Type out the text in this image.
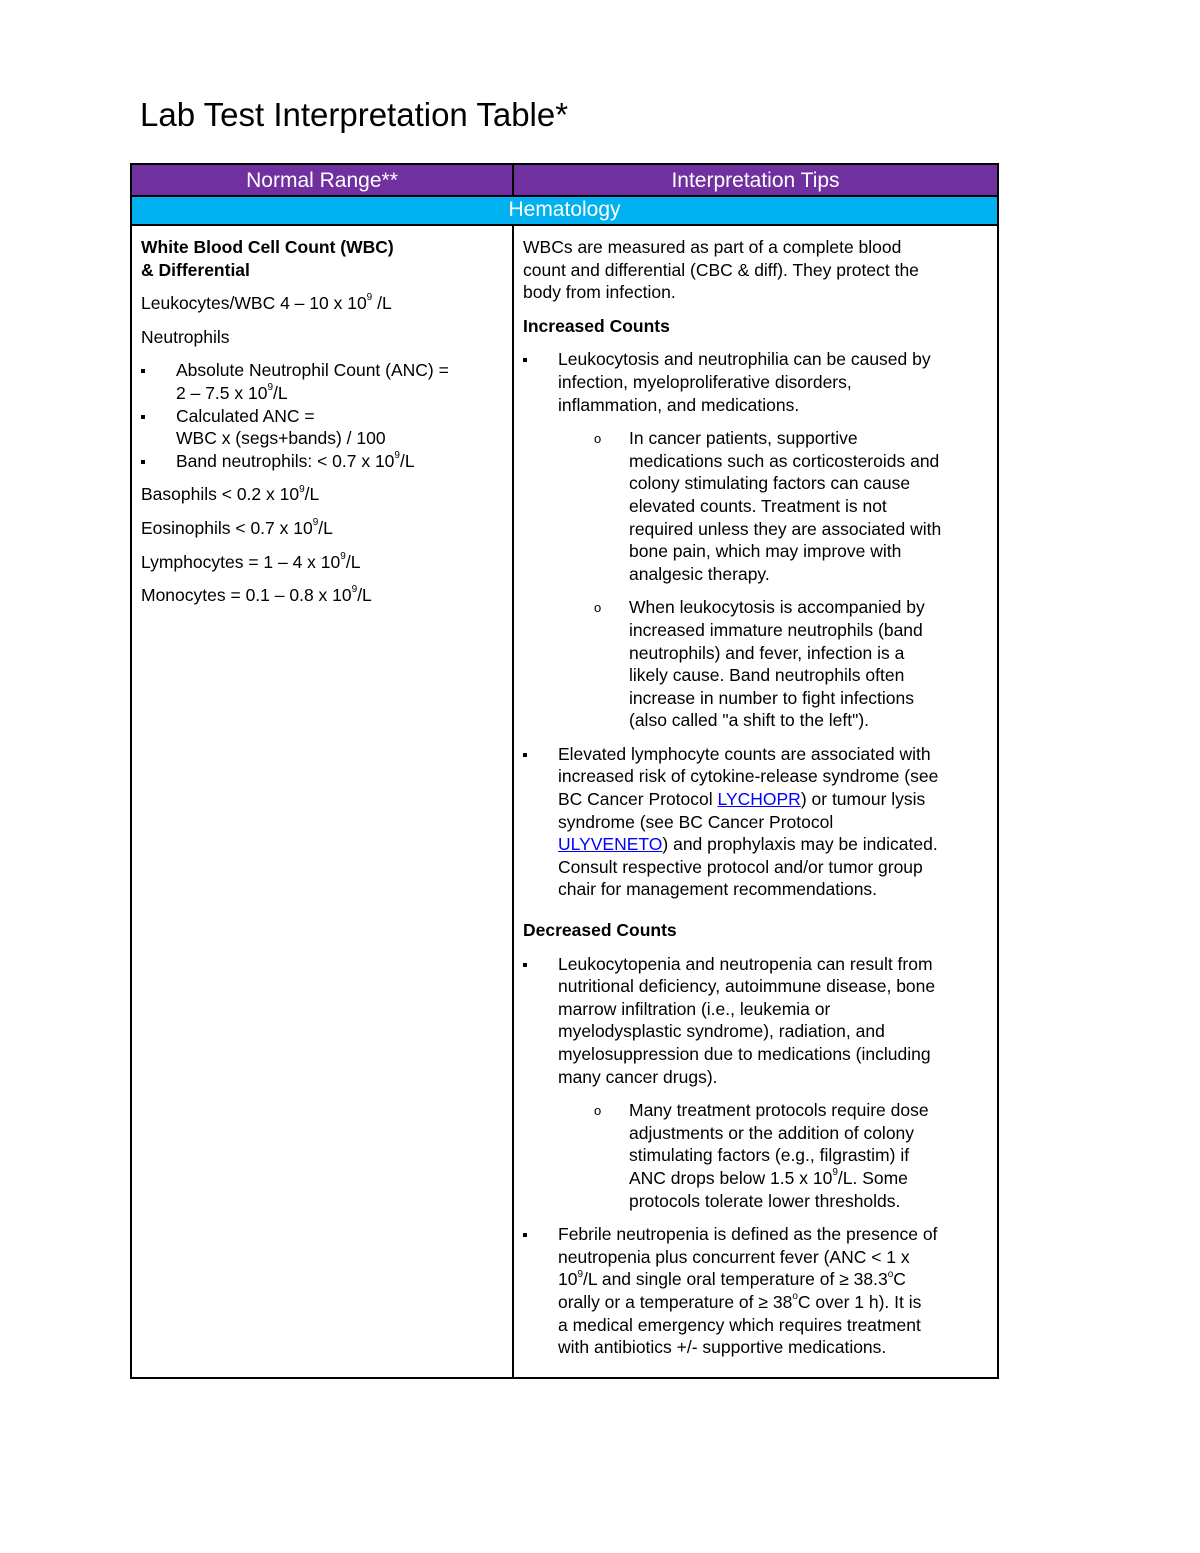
Lab Test Interpretation Table*
Normal Range**	Interpretation Tips
Hematology

White Blood Cell Count (WBC)
& Differential

Leukocytes/WBC 4 – 10 x $10^9$ /L

Neutrophils

Absolute Neutrophil Count (ANC) =
2 – 7.5 x $10^9/L$
Calculated ANC =
WBC x (segs+bands) / 100
Band neutrophils: < 0.7 x $10^9/L$

Basophils < 0.2 x $10^9/L$

Eosinophils < 0.7 x $10^9/L$

Lymphocytes = 1 – 4 x $10^9/L$

Monocytes = 0.1 – 0.8 x $10^9/L$

WBCs are measured as part of a complete blood
count and differential (CBC & diff). They protect the
body from infection.

Increased Counts

Leukocytosis and neutrophilia can be caused by
infection, myeloproliferative disorders,
inflammation, and medications.
o In cancer patients, supportive
medications such as corticosteroids and
colony stimulating factors can cause
elevated counts. Treatment is not
required unless they are associated with
bone pain, which may improve with
analgesic therapy.
o When leukocytosis is accompanied by
increased immature neutrophils (band
neutrophils) and fever, infection is a
likely cause. Band neutrophils often
increase in number to fight infections
(also called "a shift to the left").
Elevated lymphocyte counts are associated with
increased risk of cytokine-release syndrome (see
BC Cancer Protocol LYCHOPR) or tumour lysis
syndrome (see BC Cancer Protocol
ULYVENETO) and prophylaxis may be indicated.
Consult respective protocol and/or tumor group
chair for management recommendations.

Decreased Counts

Leukocytopenia and neutropenia can result from
nutritional deficiency, autoimmune disease, bone
marrow infiltration (i.e., leukemia or
myelodysplastic syndrome), radiation, and
myelosuppression due to medications (including
many cancer drugs).
o Many treatment protocols require dose
adjustments or the addition of colony
stimulating factors (e.g., filgrastim) if
ANC drops below 1.5 x $10^9/L$. Some
protocols tolerate lower thresholds.
Febrile neutropenia is defined as the presence of
neutropenia plus concurrent fever (ANC < 1 x
$10^9/L$ and single oral temperature of ≥ $38.3^oC$
orally or a temperature of ≥ $38^oC$ over 1 h). It is
a medical emergency which requires treatment
with antibiotics +/- supportive medications.
